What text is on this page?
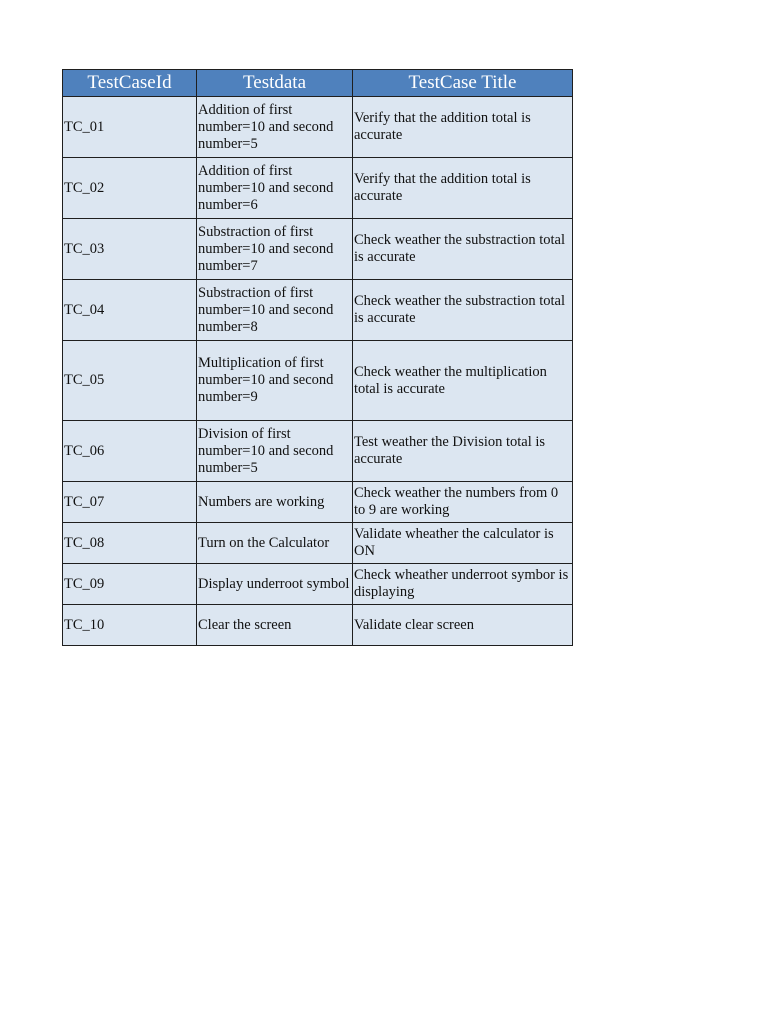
TestCaseId	Testdata	TestCase Title
TC_01	Addition of first number=10 and second number=5	Verify that the addition total is accurate
TC_02	Addition of first number=10 and second number=6	Verify that the addition total is accurate
TC_03	Substraction of first number=10 and second number=7	Check weather the substraction total is accurate
TC_04	Substraction of first number=10 and second number=8	Check weather the substraction total is accurate
TC_05	Multiplication of first number=10 and second number=9	Check weather the multiplication total is accurate
TC_06	Division of first number=10 and second number=5	Test weather the Division total is accurate
TC_07	Numbers are working	Check weather the numbers from 0 to 9 are working
TC_08	Turn on the Calculator	Validate wheather the calculator is ON
TC_09	Display underroot symbol	Check wheather underroot symbor is displaying
TC_10	Clear the screen	Validate clear screen
